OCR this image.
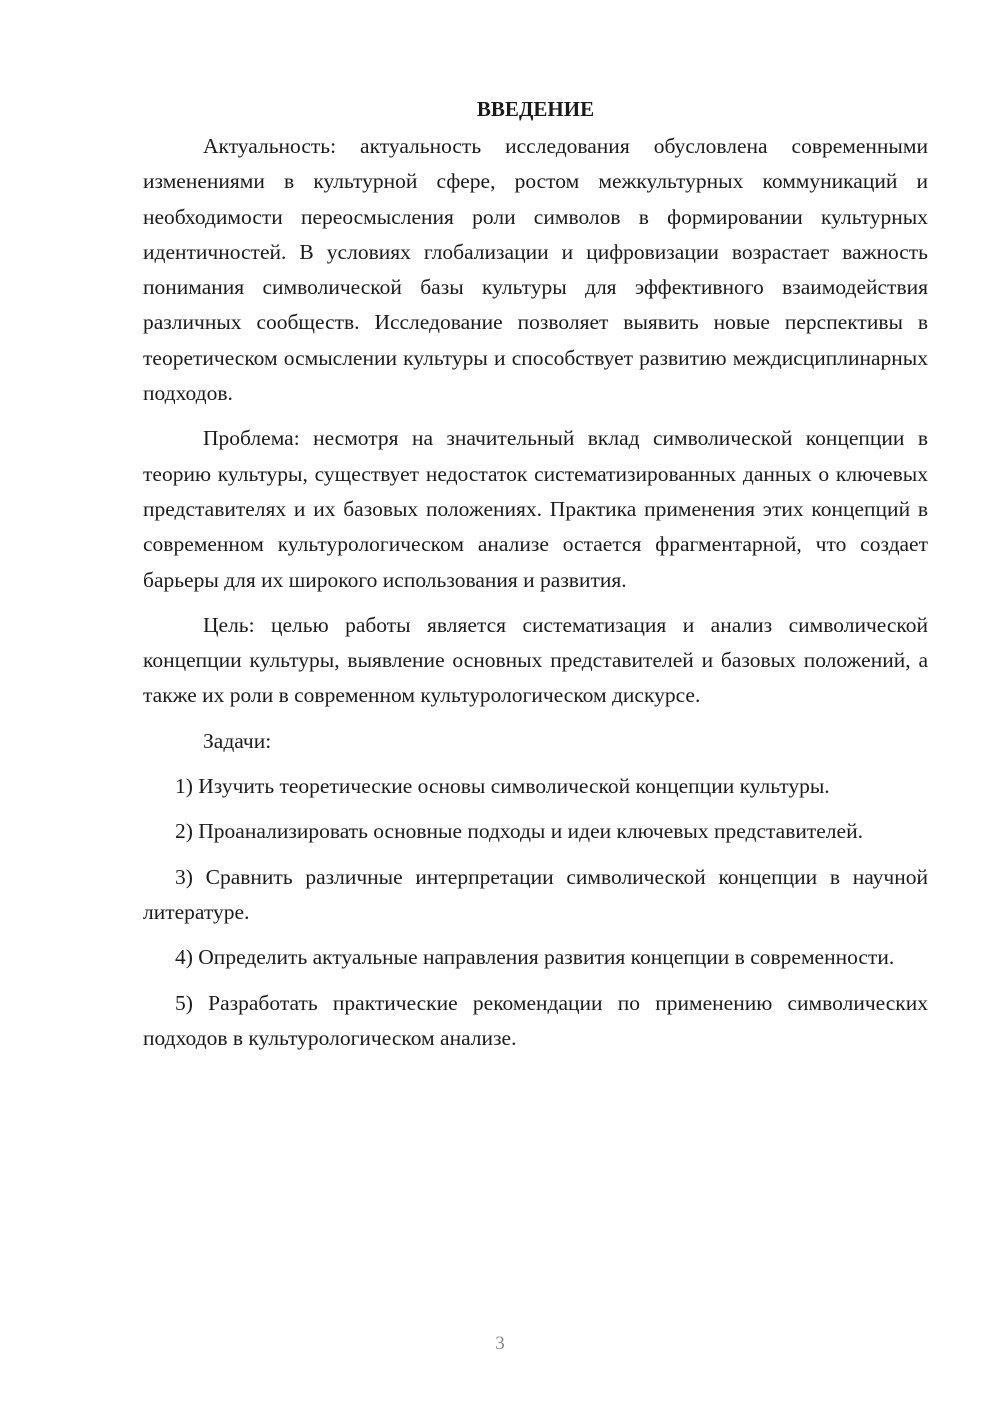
ВВЕДЕНИЕ

Актуальность: актуальность исследования обусловлена современными изменениями в культурной сфере, ростом межкультурных коммуникаций и необходимости переосмысления роли символов в формировании культурных идентичностей. В условиях глобализации и цифровизации возрастает важность понимания символической базы культуры для эффективного взаимодействия различных сообществ. Исследование позволяет выявить новые перспективы в теоретическом осмыслении культуры и способствует развитию междисциплинарных подходов.

Проблема: несмотря на значительный вклад символической концепции в теорию культуры, существует недостаток систематизированных данных о ключевых представителях и их базовых положениях. Практика применения этих концепций в современном культурологическом анализе остается фрагментарной, что создает барьеры для их широкого использования и развития.

Цель: целью работы является систематизация и анализ символической концепции культуры, выявление основных представителей и базовых положений, а также их роли в современном культурологическом дискурсе.

Задачи:

1) Изучить теоретические основы символической концепции культуры.

2) Проанализировать основные подходы и идеи ключевых представителей.

3) Сравнить различные интерпретации символической концепции в научной литературе.

4) Определить актуальные направления развития концепции в современности.

5) Разработать практические рекомендации по применению символических подходов в культурологическом анализе.

3
